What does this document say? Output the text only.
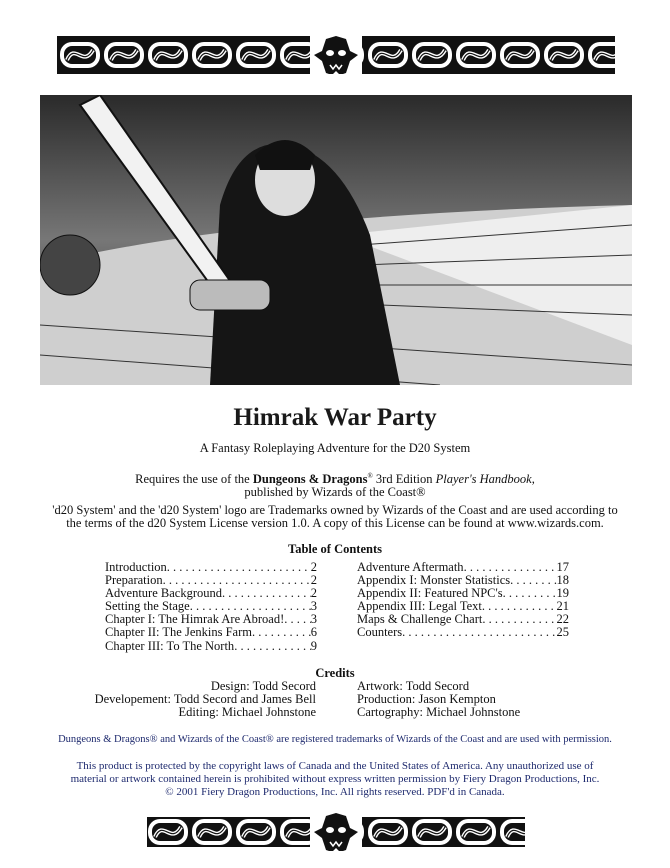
Himrak War Party
A Fantasy Roleplaying Adventure for the D20 System
Requires the use of the Dungeons & Dragons® 3rd Edition Player's Handbook,
published by Wizards of the Coast®
'd20 System' and the 'd20 System' logo are Trademarks owned by Wizards of the Coast and are used according to
the terms of the d20 System License version 1.0. A copy of this License can be found at www.wizards.com.
Table of Contents
Introduction . . .	2
Preparation . . .	2
Adventure Background . . .	2
Setting the Stage . . .	3
Chapter I: The Himrak Are Abroad! . . . 3
Chapter II: The Jenkins Farm . . .	6
Chapter III: To The North . . .	9
Adventure Aftermath . . .	17
Appendix I: Monster Statistics . . .	18
Appendix II: Featured NPC's . . .	19
Appendix III: Legal Text . . .	21
Maps & Challenge Chart . . .	22
Counters . . .	25
Credits
Design: Todd Secord
Developement: Todd Secord and James Bell
Editing: Michael Johnstone
Artwork: Todd Secord
Production: Jason Kempton
Cartography: Michael Johnstone
Dungeons & Dragons® and Wizards of the Coast® are registered trademarks of Wizards of the Coast and are used with permission.
This product is protected by the copyright laws of Canada and the United States of America. Any unauthorized use of
material or artwork contained herein is prohibited without express written permission by Fiery Dragon Productions, Inc.
© 2001 Fiery Dragon Productions, Inc. All rights reserved. PDF'd in Canada.
